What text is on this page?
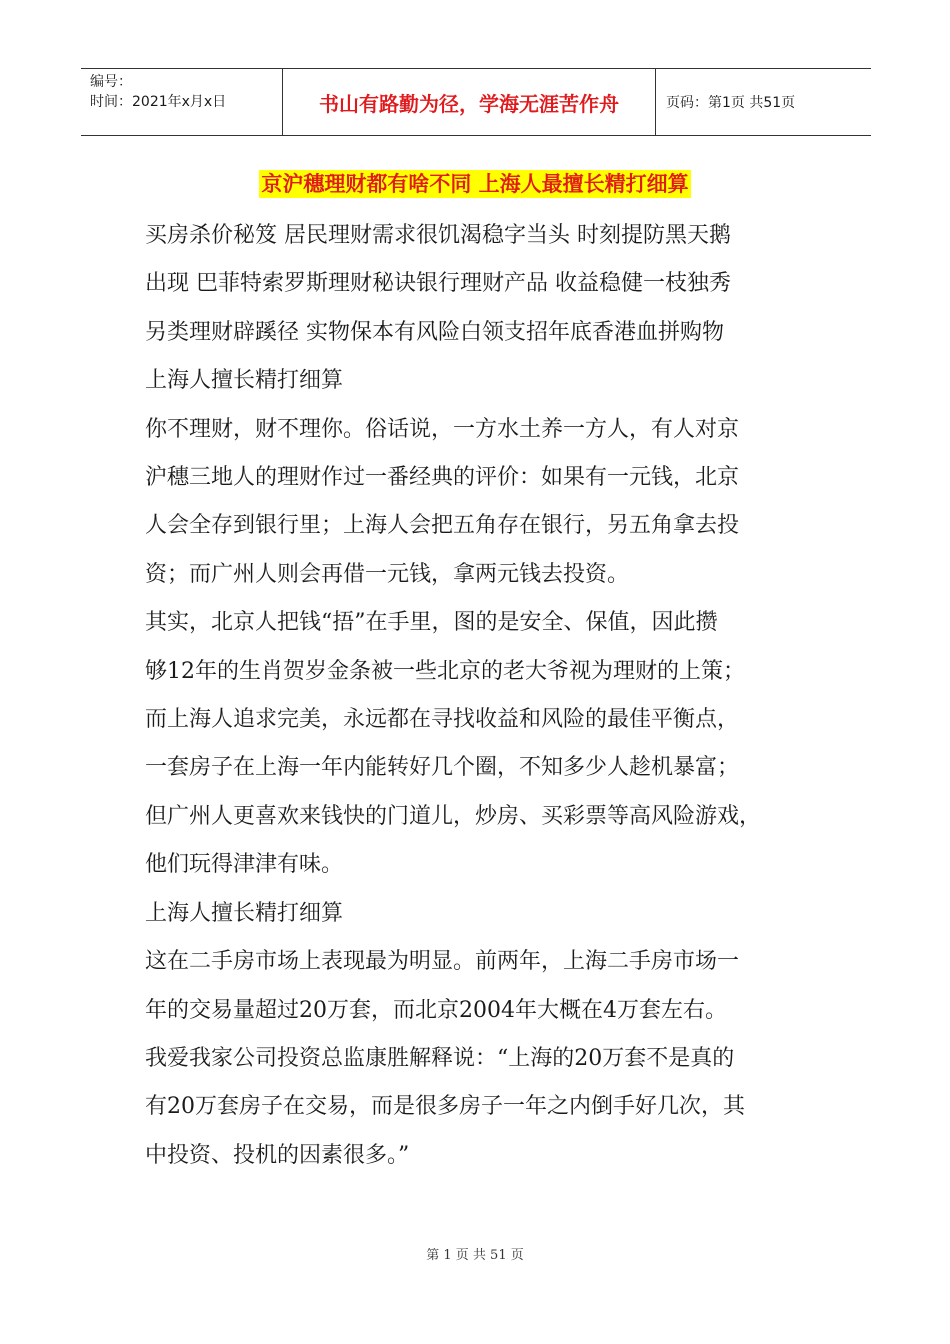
编号：
时间：2021年x月x日	书山有路勤为径，学海无涯苦作舟	页码：第1页 共51页
京沪穗理财都有啥不同 上海人最擅长精打细算

买房杀价秘笈 居民理财需求很饥渴稳字当头 时刻提防黑天鹅

出现 巴菲特索罗斯理财秘诀银行理财产品 收益稳健一枝独秀

另类理财辟蹊径 实物保本有风险白领支招年底香港血拼购物

上海人擅长精打细算

你不理财，财不理你。俗话说，一方水土养一方人，有人对京

沪穗三地人的理财作过一番经典的评价：如果有一元钱，北京

人会全存到银行里；上海人会把五角存在银行，另五角拿去投

资；而广州人则会再借一元钱，拿两元钱去投资。

其实，北京人把钱“捂”在手里，图的是安全、保值，因此攒

够12年的生肖贺岁金条被一些北京的老大爷视为理财的上策；

而上海人追求完美，永远都在寻找收益和风险的最佳平衡点，

一套房子在上海一年内能转好几个圈，不知多少人趁机暴富；

但广州人更喜欢来钱快的门道儿，炒房、买彩票等高风险游戏，

他们玩得津津有味。

上海人擅长精打细算

这在二手房市场上表现最为明显。前两年，上海二手房市场一

年的交易量超过20万套，而北京2004年大概在4万套左右。

我爱我家公司投资总监康胜解释说：“上海的20万套不是真的

有20万套房子在交易，而是很多房子一年之内倒手好几次，其

中投资、投机的因素很多。”

第 1 页 共 51 页
